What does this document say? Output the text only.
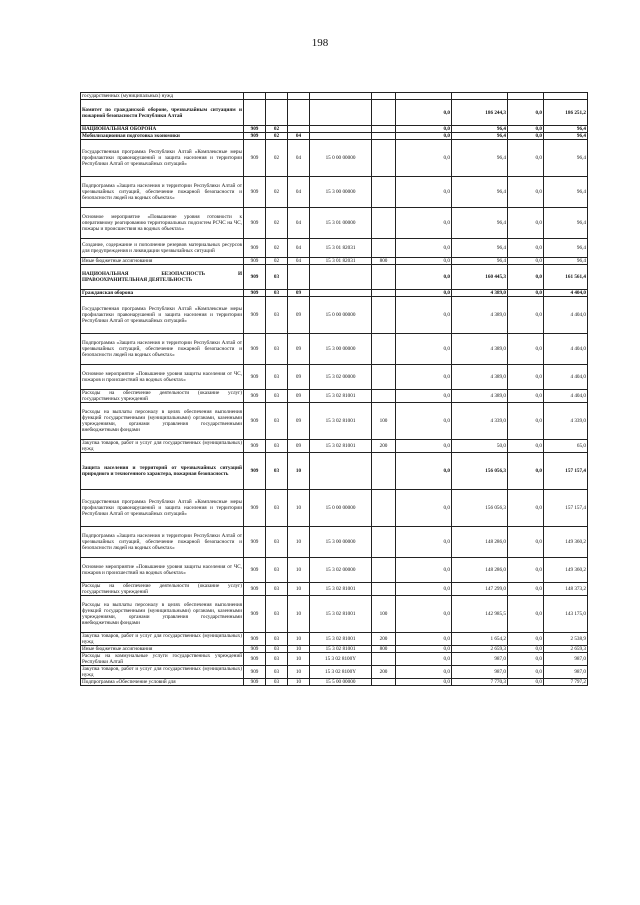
198
государственных (муниципальных) нужд									
Комитет по гражданской обороне, чрезвычайным ситуациям и пожарной безопасности Республики Алтай						0,0	186 244,3	0,0	186 251,2
НАЦИОНАЛЬНАЯ ОБОРОНА	909	02				0,0	96,4	0,0	96,4
Мобилизационная подготовка экономики	909	02	04			0,0	96,4	0,0	96,4
Государственная программа Республики Алтай «Комплексные меры профилактики правонарушений и защита населения и территории Республики Алтай от чрезвычайных ситуаций»	909	02	04	15 0 00 00000		0,0	96,4	0,0	96,4
Подпрограмма «Защита населения и территории Республики Алтай от чрезвычайных ситуаций, обеспечение пожарной безопасности и безопасности людей на водных объектах»	909	02	04	15 3 00 00000		0,0	96,4	0,0	96,4
Основное мероприятие «Повышение уровня готовности к оперативному реагированию территориальных подсистем РСЧС на ЧС, пожары и происшествия на водных объектах»	909	02	04	15 3 01 00000		0,0	96,4	0,0	96,4
Создание, содержание и пополнение резервов материальных ресурсов для предупреждения и ликвидации чрезвычайных ситуаций	909	02	04	15 3 01 82031		0,0	96,4	0,0	96,4
Иные бюджетные ассигнования	909	02	04	15 3 01 82031	800	0,0	96,4	0,0	96,4
НАЦИОНАЛЬНАЯ БЕЗОПАСНОСТЬ И ПРАВООХРАНИТЕЛЬНАЯ ДЕЯТЕЛЬНОСТЬ	909	03				0,0	160 445,3	0,0	161 561,4
Гражданская оборона	909	03	09			0,0	4 389,0	0,0	4 404,0
Государственная программа Республики Алтай «Комплексные меры профилактики правонарушений и защита населения и территории Республики Алтай от чрезвычайных ситуаций»	909	03	09	15 0 00 00000		0,0	4 389,0	0,0	4 404,0
Подпрограмма «Защита населения и территории Республики Алтай от чрезвычайных ситуаций, обеспечение пожарной безопасности и безопасности людей на водных объектах»	909	03	09	15 3 00 00000		0,0	4 389,0	0,0	4 404,0
Основное мероприятие «Повышение уровня защиты населения от ЧС, пожаров и происшествий на водных объектах»	909	03	09	15 3 02 00000		0,0	4 389,0	0,0	4 404,0
Расходы на обеспечение деятельности (оказание услуг) государственных учреждений	909	03	09	15 3 02 81001		0,0	4 389,0	0,0	4 404,0
Расходы на выплаты персоналу в целях обеспечения выполнения функций государственными (муниципальными) органами, казенными учреждениями, органами управления государственными внебюджетными фондами	909	03	09	15 3 02 81001	100	0,0	4 339,0	0,0	4 339,0
Закупка товаров, работ и услуг для государственных (муниципальных) нужд	909	03	09	15 3 02 81001	200	0,0	50,0	0,0	65,0
Защита населения и территорий от чрезвычайных ситуаций природного и техногенного характера, пожарная безопасность	909	03	10			0,0	156 056,3	0,0	157 157,4
Государственная программа Республики Алтай «Комплексные меры профилактики правонарушений и защита населения и территории Республики Алтай от чрезвычайных ситуаций»	909	03	10	15 0 00 00000		0,0	156 056,3	0,0	157 157,4
Подпрограмма «Защита населения и территории Республики Алтай от чрезвычайных ситуаций, обеспечение пожарной безопасности и безопасности людей на водных объектах»	909	03	10	15 3 00 00000		0,0	148 286,0	0,0	149 360,2
Основное мероприятие «Повышение уровня защиты населения от ЧС, пожаров и происшествий на водных объектах»	909	03	10	15 3 02 00000		0,0	148 286,0	0,0	149 360,2
Расходы на обеспечение деятельности (оказание услуг) государственных учреждений	909	03	10	15 3 02 81001		0,0	147 299,0	0,0	148 373,2
Расходы на выплаты персоналу в целях обеспечения выполнения функций государственными (муниципальными) органами, казенными учреждениями, органами управления государственными внебюджетными фондами	909	03	10	15 3 02 81001	100	0,0	142 985,5	0,0	143 175,0
Закупка товаров, работ и услуг для государственных (муниципальных) нужд	909	03	10	15 3 02 81001	200	0,0	1 654,2	0,0	2 538,9
Иные бюджетные ассигнования	909	03	10	15 3 02 81001	800	0,0	2 659,3	0,0	2 659,3
Расходы на коммунальные услуги государственных учреждений Республики Алтай	909	03	10	15 3 02 8100Y		0,0	987,0	0,0	987,0
Закупка товаров, работ и услуг для государственных (муниципальных) нужд	909	03	10	15 3 02 8100Y	200	0,0	987,0	0,0	987,0
Подпрограмма «Обеспечение условий для	909	03	10	15 5 00 00000		0,0	7 770,3	0,0	7 797,2
